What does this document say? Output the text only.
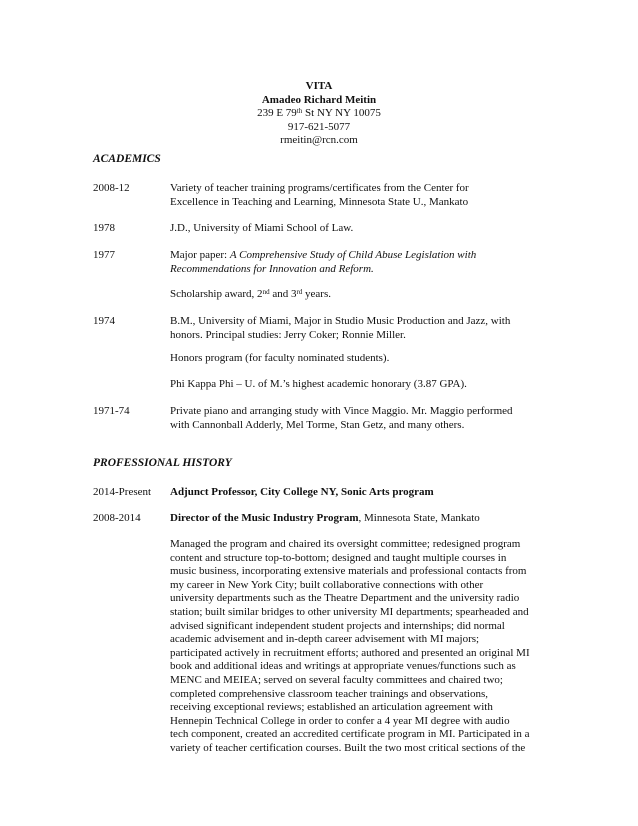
VITA
Amadeo Richard Meitin
239 E 79th St NY NY 10075
917-621-5077
rmeitin@rcn.com
ACADEMICS
2008-12	Variety of teacher training programs/certificates from the Center for
Excellence in Teaching and Learning, Minnesota State U., Mankato
1978	J.D., University of Miami School of Law.
1977	Major paper: A Comprehensive Study of Child Abuse Legislation with
Recommendations for Innovation and Reform.
Scholarship award, 2nd and 3rd years.
1974	B.M., University of Miami, Major in Studio Music Production and Jazz, with
honors. Principal studies: Jerry Coker; Ronnie Miller.
Honors program (for faculty nominated students).
Phi Kappa Phi – U. of M.’s highest academic honorary (3.87 GPA).
1971-74	Private piano and arranging study with Vince Maggio. Mr. Maggio performed
with Cannonball Adderly, Mel Torme, Stan Getz, and many others.
PROFESSIONAL HISTORY
2014-Present Adjunct Professor, City College NY, Sonic Arts program
2008-2014	Director of the Music Industry Program, Minnesota State, Mankato
Managed the program and chaired its oversight committee; redesigned program
content and structure top-to-bottom; designed and taught multiple courses in
music business, incorporating extensive materials and professional contacts from
my career in New York City; built collaborative connections with other
university departments such as the Theatre Department and the university radio
station; built similar bridges to other university MI departments; spearheaded and
advised significant independent student projects and internships; did normal
academic advisement and in-depth career advisement with MI majors;
participated actively in recruitment efforts; authored and presented an original MI
book and additional ideas and writings at appropriate venues/functions such as
MENC and MEIEA; served on several faculty committees and chaired two;
completed comprehensive classroom teacher trainings and observations,
receiving exceptional reviews; established an articulation agreement with
Hennepin Technical College in order to confer a 4 year MI degree with audio
tech component, created an accredited certificate program in MI. Participated in a
variety of teacher certification courses. Built the two most critical sections of the
